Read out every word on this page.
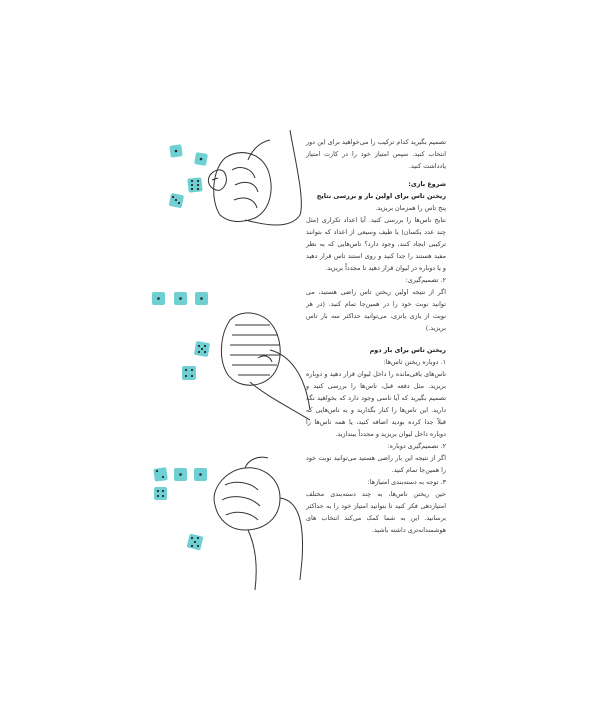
تصمیم بگیرید کدام ترکیب را می‌خواهید برای این دور انتخاب کنید. سپس امتیاز خود را در کارت امتیاز یادداشت کنید.

شروع بازی:

ریختن تاس برای اولین بار و بررسی نتایج

پنج تاس را همزمان بریزید.

نتایج تاس‌ها را بررسی کنید. آیا اعداد تکراری (مثل چند عدد یکسان) یا طیف وسیعی از اعداد که بتوانند ترکیبی ایجاد کنند، وجود دارد؟ تاس‌هایی که به نظر مفید هستند را جدا کنید و روی استند تاس قرار دهید و یا دوباره در لیوان قرار دهید تا مجدداً بریزید.

۲. تصمیم‌گیری:

اگر از نتیجه اولین ریختن تاس راضی هستید، می توانید نوبت خود را در همین‌جا تمام کنید. (در هر نوبت از بازی یاتزی، می‌توانید حداکثر سه بار تاس بریزید.)

ریختن تاس برای بار دوم

۱. دوباره ریختن تاس‌ها:

تاس‌های باقی‌مانده را داخل لیوان قرار دهید و دوباره بریزید. مثل دفعه قبل، تاس‌ها را بررسی کنید و تصمیم بگیرید که آیا تاسی وجود دارد که بخواهید نگه دارید. این تاس‌ها را کنار بگذارید و به تاس‌هایی که قبلاً جدا کرده بودید اضافه کنید، یا همه تاس‌ها را دوباره داخل لیوان بریزید و مجدداً بیندازید.

۲. تصمیم‌گیری دوباره:

اگر از نتیجه این بار راضی هستید می‌توانید نوبت خود را همین‌جا تمام کنید.

۳. توجه به دسته‌بندی امتیازها:

حین ریختن تاس‌ها، به چند دسته‌بندی مختلف امتیازدهی فکر کنید تا بتوانید امتیاز خود را به حداکثر برسانید. این به شما کمک می‌کند انتخاب های هوشمندانه‌تری داشته باشید.
